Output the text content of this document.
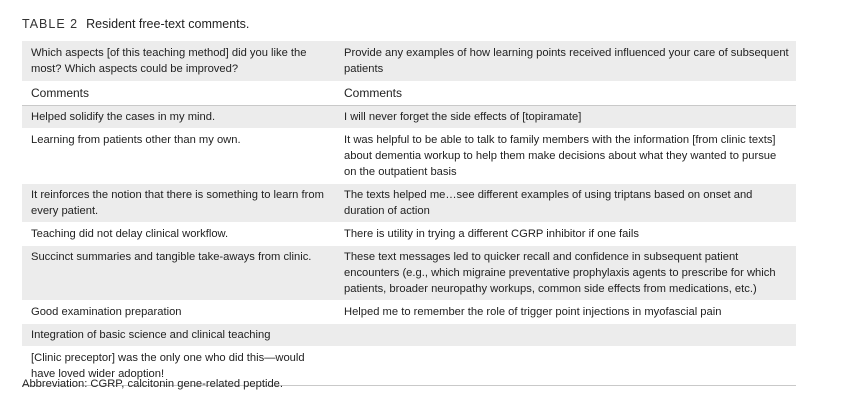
TABLE 2 Resident free-text comments.
Which aspects [of this teaching method] did you like the most? Which aspects could be improved?	Provide any examples of how learning points received influenced your care of subsequent patients
Comments	Comments
Helped solidify the cases in my mind.	I will never forget the side effects of [topiramate]
Learning from patients other than my own.	It was helpful to be able to talk to family members with the information [from clinic texts] about dementia workup to help them make decisions about what they wanted to pursue on the outpatient basis
It reinforces the notion that there is something to learn from every patient.	The texts helped me…see different examples of using triptans based on onset and duration of action
Teaching did not delay clinical workflow.	There is utility in trying a different CGRP inhibitor if one fails
Succinct summaries and tangible take-aways from clinic.	These text messages led to quicker recall and confidence in subsequent patient encounters (e.g., which migraine preventative prophylaxis agents to prescribe for which patients, broader neuropathy workups, common side effects from medications, etc.)
Good examination preparation	Helped me to remember the role of trigger point injections in myofascial pain
Integration of basic science and clinical teaching	
[Clinic preceptor] was the only one who did this—would have loved wider adoption!	
Abbreviation: CGRP, calcitonin gene-related peptide.
